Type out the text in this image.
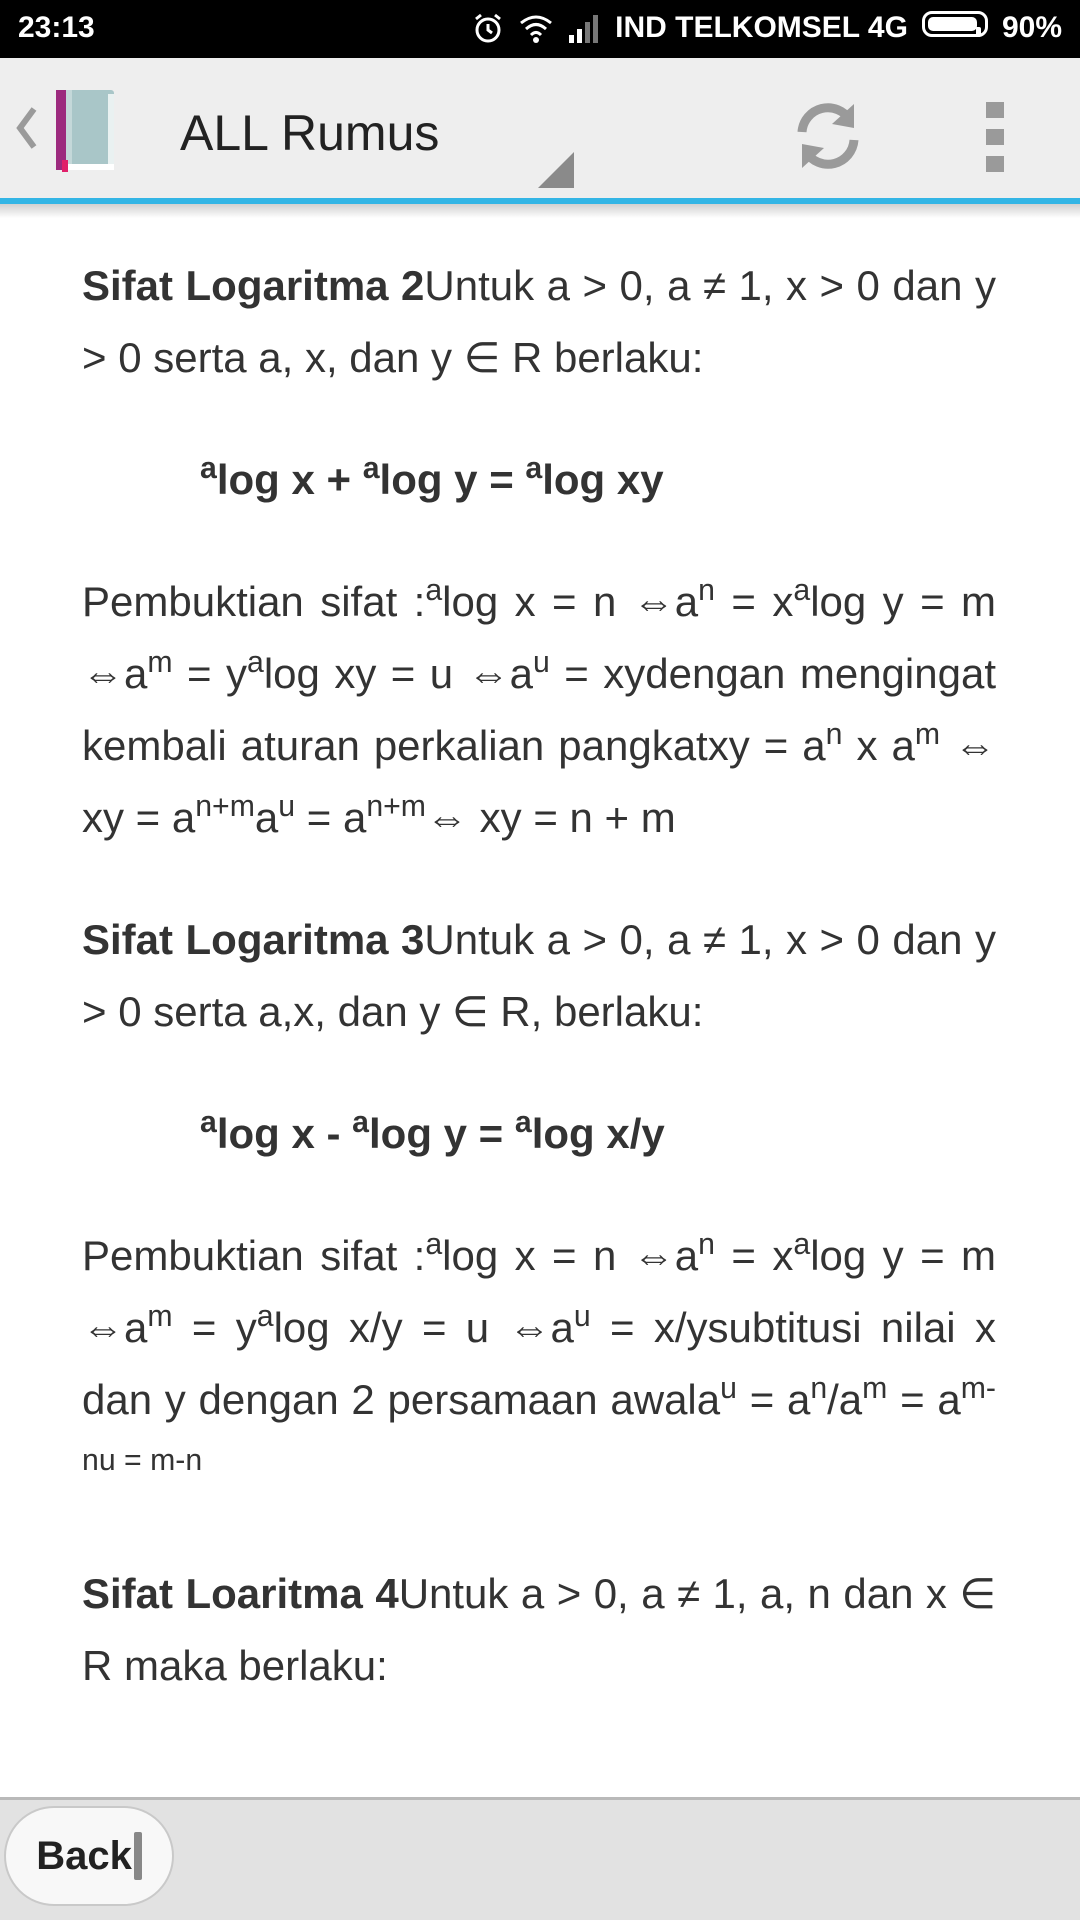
23:13	IND TELKOMSEL 4G	90%
ALL Rumus

Sifat Logaritma 2Untuk a > 0, a ≠ 1, x > 0 dan y > 0 serta a, x, dan y ∈ R berlaku:

$^a$log x + $^a$log y = $^a$log xy

Pembuktian sifat :$^a$log x = n $\Leftrightarrow a^n = x^a\log$ y = m $\Leftrightarrow a^m = y^a\log$ xy = u $\Leftrightarrow a^u$ = xydengan mengingat kembali aturan perkalian pangkatxy = $a^n$ x $a^m$ ⇔ xy = $a^{n+m}a^u$ = $a^{n+m}\Leftrightarrow$ xy = n + m

Sifat Logaritma 3Untuk a > 0, a ≠ 1, x > 0 dan y > 0 serta a,x, dan y ∈ R, berlaku:

$^a$log x - $^a$log y = $^a$log x/y

Pembuktian sifat :$^a$log x = n $\Leftrightarrow a^n = x^a\log$ y = m $\Leftrightarrow a^m = y^a\log$ x/y = u $\Leftrightarrow a^u$ = x/ysubtitusi nilai x dan y dengan 2 persamaan awala$^u$ = $a^n/a^m = a^{m-nu = m-n}$

Sifat Loaritma 4Untuk a > 0, a ≠ 1, a, n dan x ∈ R maka berlaku:

Back
